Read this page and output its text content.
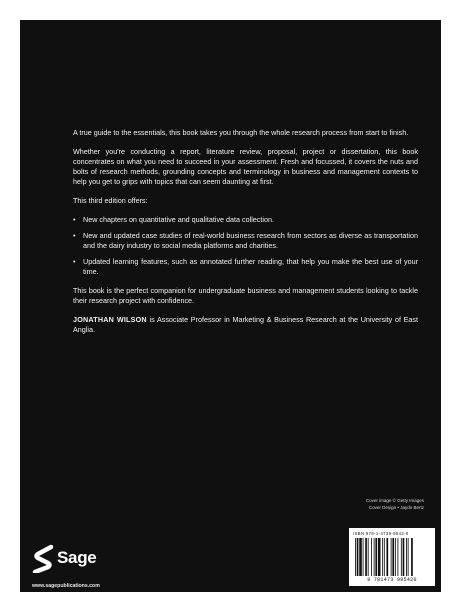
A true guide to the essentials, this book takes you through the whole research process from start to finish.

Whether you're conducting a report, literature review, proposal, project or dissertation, this book concentrates on what you need to succeed in your assessment. Fresh and focussed, it covers the nuts and bolts of research methods, grounding concepts and terminology in business and management contexts to help you get to grips with topics that can seem daunting at first.

This third edition offers:

• New chapters on quantitative and qualitative data collection.
• New and updated case studies of real-world business research from sectors as diverse as transportation and the dairy industry to social media platforms and charities.
• Updated learning features, such as annotated further reading, that help you make the best use of your time.

This book is the perfect companion for undergraduate business and management students looking to tackle their research project with confidence.

JONATHAN WILSON is Associate Professor in Marketing & Business Research at the University of East Anglia.

Cover image © Getty Images
Cover Design • Jaydn Bertz
Sage
www.sagepublications.com
ISBN 978-1-4739-9542-0
9 781473 995420
